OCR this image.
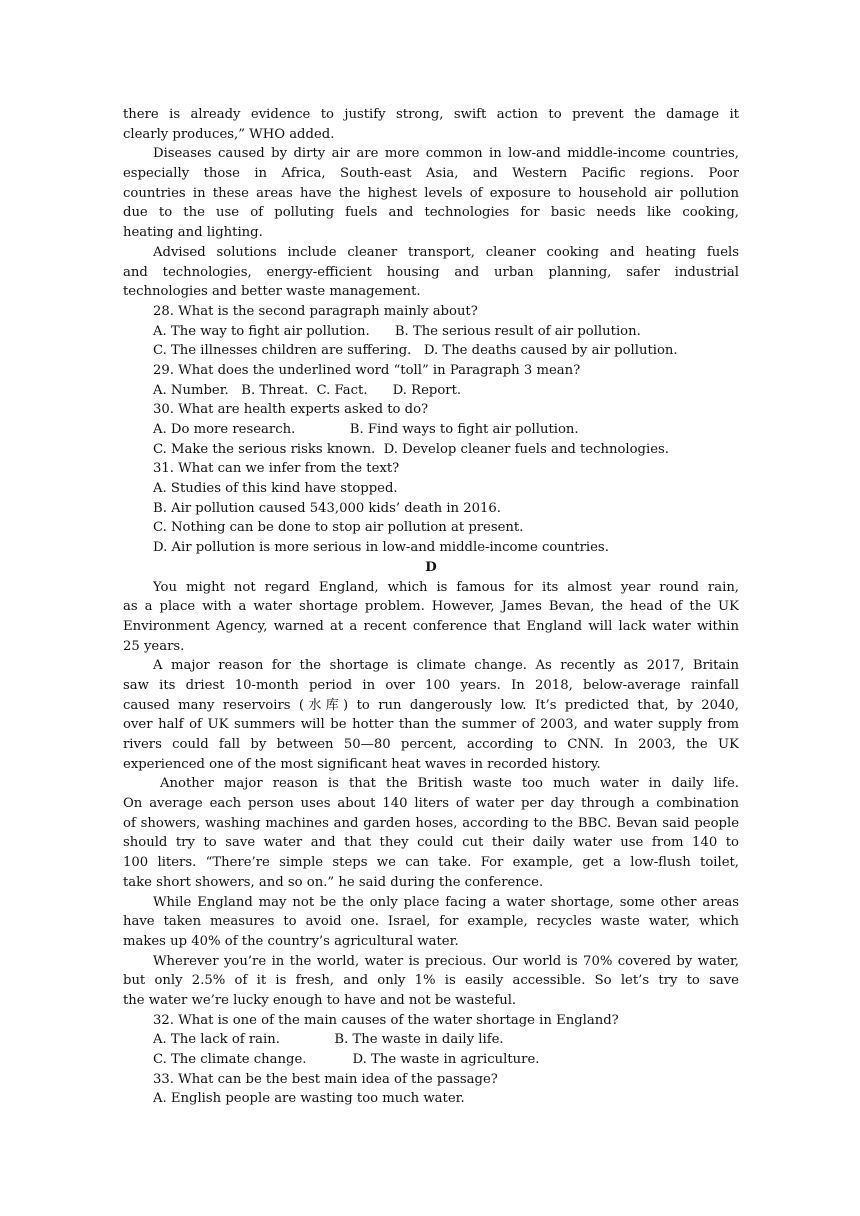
there is already evidence to justify strong, swift action to prevent the damage it
clearly produces,” WHO added.
Diseases caused by dirty air are more common in low-and middle-income countries,
especially those in Africa, South-east Asia, and Western Pacific regions. Poor
countries in these areas have the highest levels of exposure to household air pollution
due to the use of polluting fuels and technologies for basic needs like cooking,
heating and lighting.
Advised solutions include cleaner transport, cleaner cooking and heating fuels
and technologies, energy-efficient housing and urban planning, safer industrial
technologies and better waste management.
28. What is the second paragraph mainly about?
A. The way to fight air pollution.      B. The serious result of air pollution.
C. The illnesses children are suffering.   D. The deaths caused by air pollution.
29. What does the underlined word “toll” in Paragraph 3 mean?
A. Number.   B. Threat.  C. Fact.      D. Report.
30. What are health experts asked to do?
A. Do more research.             B. Find ways to fight air pollution.
C. Make the serious risks known.  D. Develop cleaner fuels and technologies.
31. What can we infer from the text?
A. Studies of this kind have stopped.
B. Air pollution caused 543,000 kids’ death in 2016.
C. Nothing can be done to stop air pollution at present.
D. Air pollution is more serious in low-and middle-income countries.
D
You might not regard England, which is famous for its almost year round rain,
as a place with a water shortage problem. However, James Bevan, the head of the UK
Environment Agency, warned at a recent conference that England will lack water within
25 years.
A major reason for the shortage is climate change. As recently as 2017, Britain
saw its driest 10-month period in over 100 years. In 2018, below-average rainfall
caused many reservoirs (水库) to run dangerously low. It’s predicted that, by 2040,
over half of UK summers will be hotter than the summer of 2003, and water supply from
rivers could fall by between 50—80 percent, according to CNN. In 2003, the UK
experienced one of the most significant heat waves in recorded history.
Another major reason is that the British waste too much water in daily life.
On average each person uses about 140 liters of water per day through a combination
of showers, washing machines and garden hoses, according to the BBC. Bevan said people
should try to save water and that they could cut their daily water use from 140 to
100 liters. “There’re simple steps we can take. For example, get a low-flush toilet,
take short showers, and so on.” he said during the conference.
While England may not be the only place facing a water shortage, some other areas
have taken measures to avoid one. Israel, for example, recycles waste water, which
makes up 40% of the country’s agricultural water.
Wherever you’re in the world, water is precious. Our world is 70% covered by water,
but only 2.5% of it is fresh, and only 1% is easily accessible. So let’s try to save
the water we’re lucky enough to have and not be wasteful.
32. What is one of the main causes of the water shortage in England?
A. The lack of rain.             B. The waste in daily life.
C. The climate change.           D. The waste in agriculture.
33. What can be the best main idea of the passage?
A. English people are wasting too much water.
